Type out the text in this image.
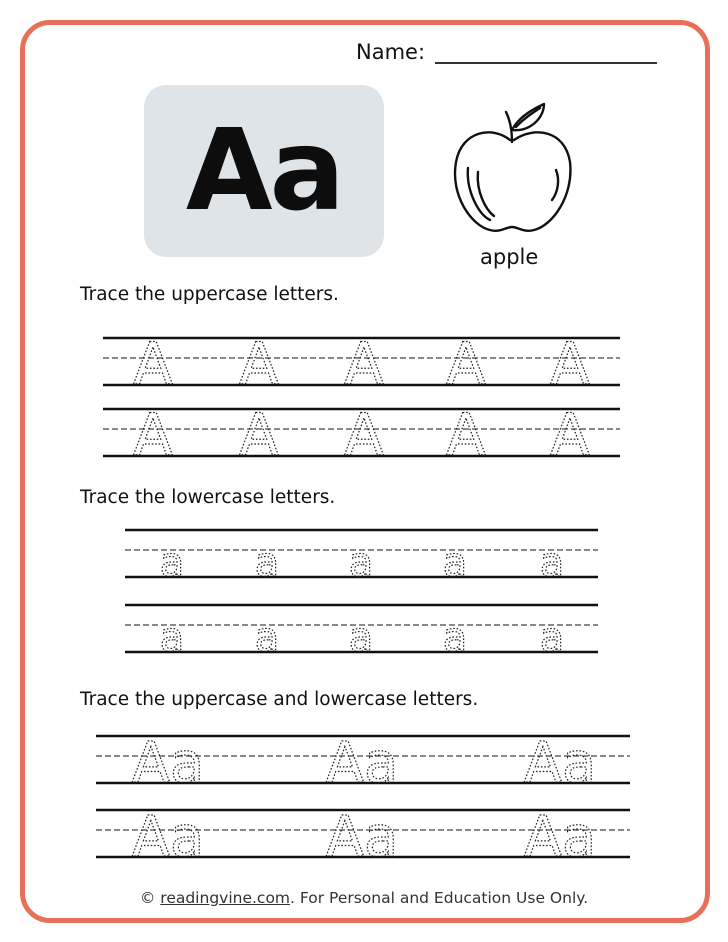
Name:
Aa
apple
Trace the uppercase letters.
Trace the lowercase letters.
Trace the uppercase and lowercase letters.
A A A A A
A A A A A
a a a a a
a a a a a
Aa Aa Aa
Aa Aa Aa
© readingvine.com. For Personal and Education Use Only.
